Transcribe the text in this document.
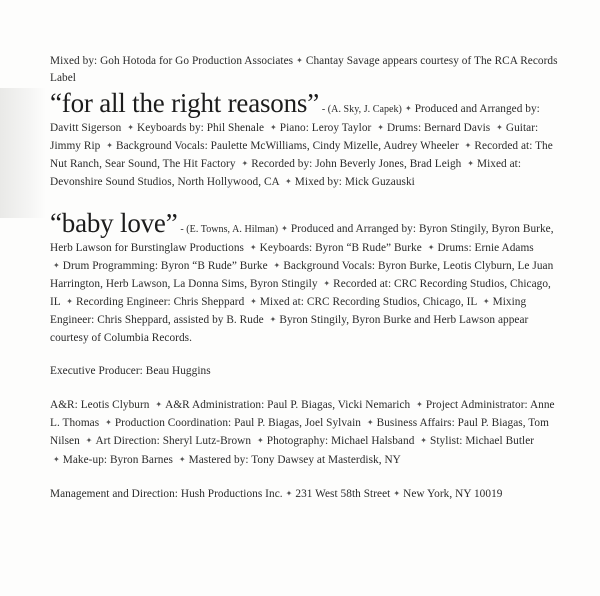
Mixed by: Goh Hotoda for Go Production Associates ✦ Chantay Savage appears courtesy of The RCA Records Label

“for all the right reasons” - (A. Sky, J. Capek) ✦ Produced and Arranged by: Davitt Sigerson ✦ Keyboards by: Phil Shenale ✦ Piano: Leroy Taylor ✦ Drums: Bernard Davis ✦ Guitar: Jimmy Rip ✦ Background Vocals: Paulette McWilliams, Cindy Mizelle, Audrey Wheeler ✦ Recorded at: The Nut Ranch, Sear Sound, The Hit Factory ✦ Recorded by: John Beverly Jones, Brad Leigh ✦ Mixed at: Devonshire Sound Studios, North Hollywood, CA ✦ Mixed by: Mick Guzauski

“baby love” - (E. Towns, A. Hilman) ✦ Produced and Arranged by: Byron Stingily, Byron Burke, Herb Lawson for Burstinglaw Productions ✦ Keyboards: Byron “B Rude” Burke ✦ Drums: Ernie Adams ✦ Drum Programming: Byron “B Rude” Burke ✦ Background Vocals: Byron Burke, Leotis Clyburn, Le Juan Harrington, Herb Lawson, La Donna Sims, Byron Stingily ✦ Recorded at: CRC Recording Studios, Chicago, IL ✦ Recording Engineer: Chris Sheppard ✦ Mixed at: CRC Recording Studios, Chicago, IL ✦ Mixing Engineer: Chris Sheppard, assisted by B. Rude ✦ Byron Stingily, Byron Burke and Herb Lawson appear courtesy of Columbia Records.

Executive Producer: Beau Huggins

A&R: Leotis Clyburn ✦ A&R Administration: Paul P. Biagas, Vicki Nemarich ✦ Project Administrator: Anne L. Thomas ✦ Production Coordination: Paul P. Biagas, Joel Sylvain ✦ Business Affairs: Paul P. Biagas, Tom Nilsen ✦ Art Direction: Sheryl Lutz-Brown ✦ Photography: Michael Halsband ✦ Stylist: Michael Butler ✦ Make-up: Byron Barnes ✦ Mastered by: Tony Dawsey at Masterdisk, NY

Management and Direction: Hush Productions Inc. ✦ 231 West 58th Street ✦ New York, NY 10019
